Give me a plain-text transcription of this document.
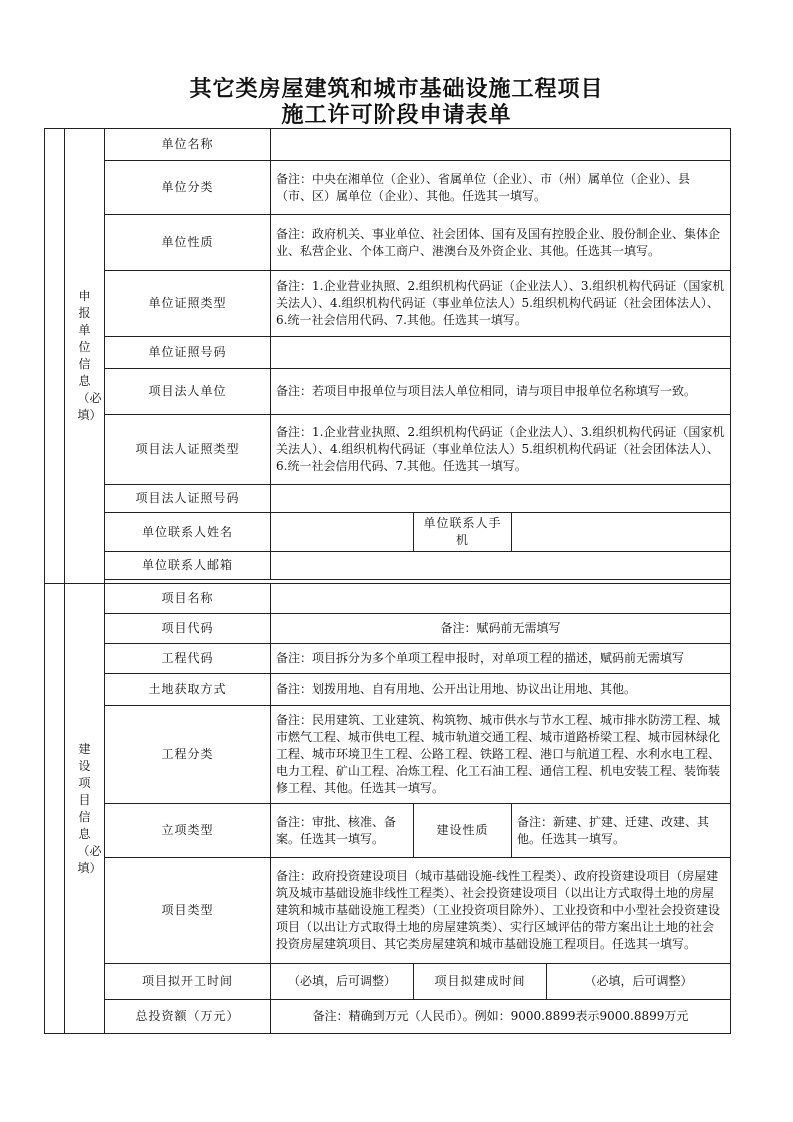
其它类房屋建筑和城市基础设施工程项目
施工许可阶段申请表单

	申报单位信息（必填）	单位名称				
		单位分类	备注：中央在湘单位（企业）、省属单位（企业）、市（州）属单位（企业）、县（市、区）属单位（企业）、其他。任选其一填写。			
		单位性质	备注：政府机关、事业单位、社会团体、国有及国有控股企业、股份制企业、集体企业、私营企业、个体工商户、港澳台及外资企业、其他。任选其一填写。			
		单位证照类型	备注：1.企业营业执照、2.组织机构代码证（企业法人）、3.组织机构代码证（国家机关法人）、4.组织机构代码证（事业单位法人）5.组织机构代码证（社会团体法人）、6.统一社会信用代码、7.其他。任选其一填写。			
		单位证照号码				
		项目法人单位	备注：若项目申报单位与项目法人单位相同，请与项目申报单位名称填写一致。			
		项目法人证照类型	备注：1.企业营业执照、2.组织机构代码证（企业法人）、3.组织机构代码证（国家机关法人）、4.组织机构代码证（事业单位法人）5.组织机构代码证（社会团体法人）、6.统一社会信用代码、7.其他。任选其一填写。			
		项目法人证照号码				
		单位联系人姓名		单位联系人手机		
		单位联系人邮箱				

	建设项目信息（必填）	项目名称				
		项目代码	备注：赋码前无需填写			
		工程代码	备注：项目拆分为多个单项工程申报时，对单项工程的描述，赋码前无需填写			
		土地获取方式	备注：划拨用地、自有用地、公开出让用地、协议出让用地、其他。			
		工程分类	备注：民用建筑、工业建筑、构筑物、城市供水与节水工程、城市排水防涝工程、城市燃气工程、城市供电工程、城市轨道交通工程、城市道路桥梁工程、城市园林绿化工程、城市环境卫生工程、公路工程、铁路工程、港口与航道工程、水利水电工程、电力工程、矿山工程、冶炼工程、化工石油工程、通信工程、机电安装工程、装饰装修工程、其他。任选其一填写。			
		立项类型	备注：审批、核准、备案。任选其一填写。	建设性质	备注：新建、扩建、迁建、改建、其他。任选其一填写。	
		项目类型	备注：政府投资建设项目（城市基础设施-线性工程类）、政府投资建设项目（房屋建筑及城市基础设施非线性工程类）、社会投资建设项目（以出让方式取得土地的房屋建筑和城市基础设施工程类）（工业投资项目除外）、工业投资和中小型社会投资建设项目（以出让方式取得土地的房屋建筑类）、实行区域评估的带方案出让土地的社会投资房屋建筑项目、其它类房屋建筑和城市基础设施工程项目。任选其一填写。			
		项目拟开工时间	（必填，后可调整）	项目拟建成时间		（必填，后可调整）
		总投资额（万元）	备注：精确到万元（人民币）。例如：9000.8899表示9000.8899万元			
